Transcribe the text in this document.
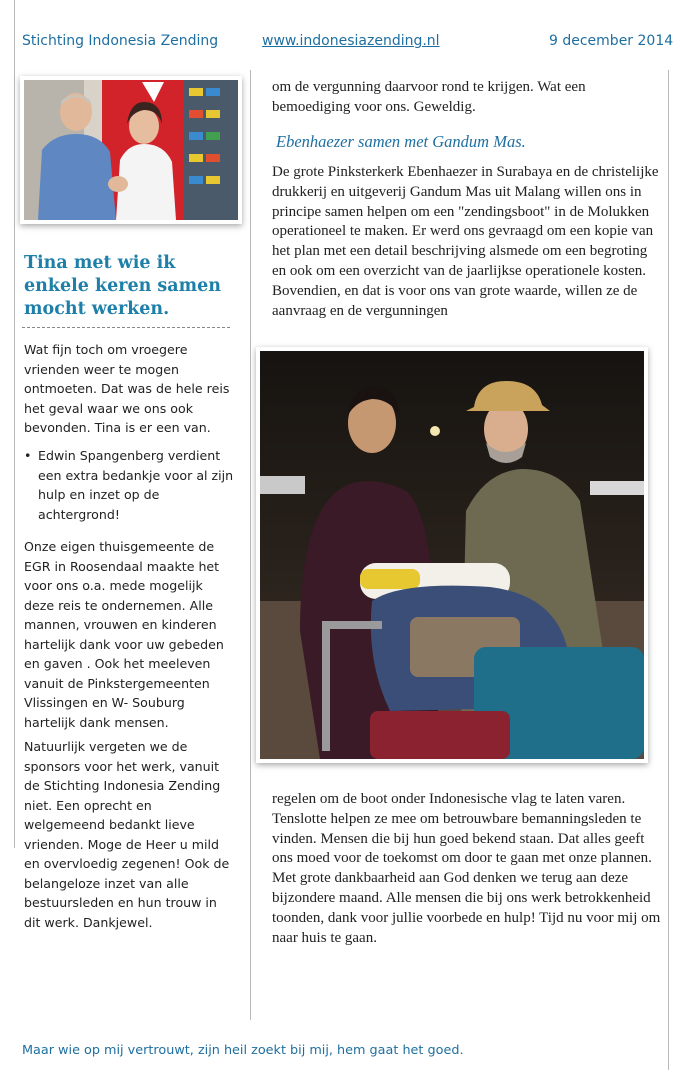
Stichting Indonesia Zending	www.indonesiazending.nl	9 december 2014
Tina met wie ik enkele keren samen mocht werken.

Wat fijn toch om vroegere vrienden weer te mogen ontmoeten. Dat was de hele reis het geval waar we ons ook bevonden. Tina is er een van.

• Edwin Spangenberg verdient een extra bedankje voor al zijn hulp en inzet op de achtergrond!

Onze eigen thuisgemeente de EGR in Roosendaal maakte het voor ons o.a. mede mogelijk deze reis te ondernemen. Alle mannen, vrouwen en kinderen hartelijk dank voor uw gebeden en gaven . Ook het meeleven vanuit de Pinkstergemeenten Vlissingen en W- Souburg hartelijk dank mensen.

Natuurlijk vergeten we de sponsors voor het werk, vanuit de Stichting Indonesia Zending niet. Een oprecht en welgemeend bedankt lieve vrienden. Moge de Heer u mild en overvloedig zegenen! Ook de belangeloze inzet van alle bestuursleden en hun trouw in dit werk. Dankjewel.

om de vergunning daarvoor rond te krijgen. Wat een bemoediging voor ons. Geweldig.

Ebenhaezer samen met Gandum Mas.

De grote Pinksterkerk Ebenhaezer in Surabaya en de christelijke drukkerij en uitgeverij Gandum Mas uit Malang willen ons in principe samen helpen om een "zendingsboot" in de Molukken operationeel te maken. Er werd ons gevraagd om een kopie van het plan met een detail beschrijving alsmede om een begroting en ook om een overzicht van de jaarlijkse operationele kosten. Bovendien, en dat is voor ons van grote waarde, willen ze de aanvraag en de vergunningen

regelen om de boot onder Indonesische vlag te laten varen. Tenslotte helpen ze mee om betrouwbare bemanningsleden te vinden. Mensen die bij hun goed bekend staan. Dat alles geeft ons moed voor de toekomst om door te gaan met onze plannen. Met grote dankbaarheid aan God denken we terug aan deze bijzondere maand. Alle mensen die bij ons werk betrokkenheid toonden, dank voor jullie voorbede en hulp! Tijd nu voor mij om naar huis te gaan.

Maar wie op mij vertrouwt, zijn heil zoekt bij mij, hem gaat het goed.
